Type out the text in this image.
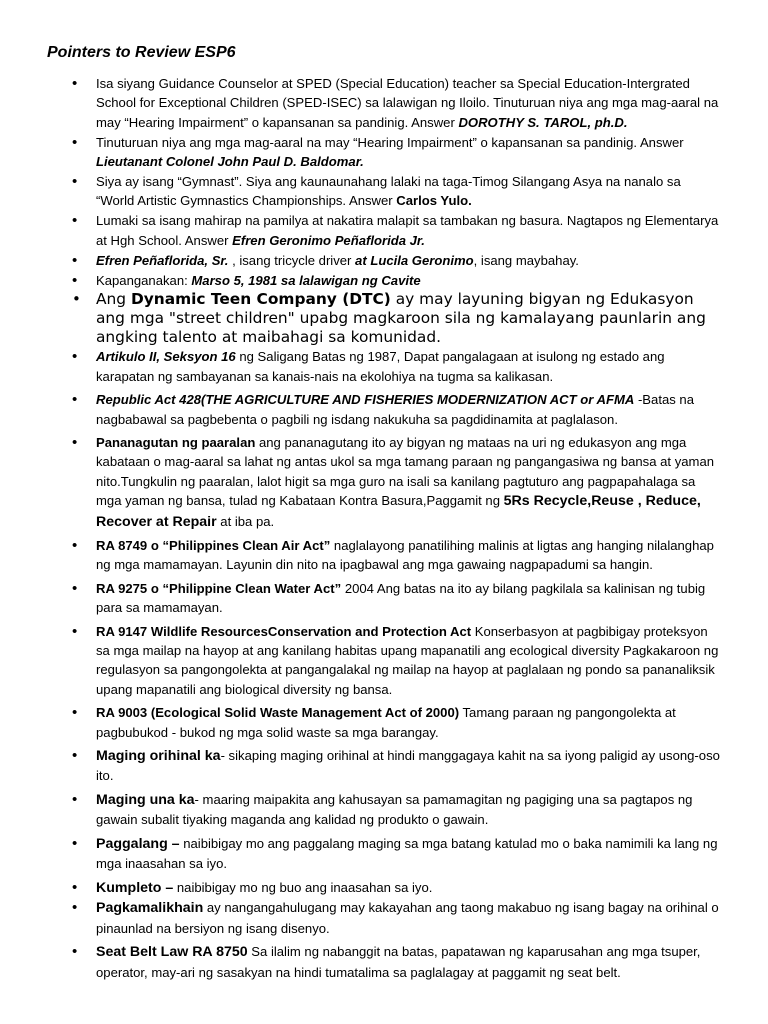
Pointers to Review ESP6
• Isa siyang Guidance Counselor at SPED (Special Education) teacher sa Special Education-Intergrated School for Exceptional Children (SPED-ISEC) sa lalawigan ng Iloilo. Tinuturuan niya ang mga mag-aaral na may “Hearing Impairment” o kapansanan sa pandinig. Answer DOROTHY S. TAROL, ph.D.
• Tinuturuan niya ang mga mag-aaral na may “Hearing Impairment” o kapansanan sa pandinig. Answer Lieutanant Colonel John Paul D. Baldomar.
• Siya ay isang “Gymnast”. Siya ang kaunaunahang lalaki na taga-Timog Silangang Asya na nanalo sa “World Artistic Gymnastics Championships. Answer Carlos Yulo.
• Lumaki sa isang mahirap na pamilya at nakatira malapit sa tambakan ng basura. Nagtapos ng Elementarya at Hgh School. Answer Efren Geronimo Peñaflorida Jr.
• Efren Peñaflorida, Sr. , isang tricycle driver at Lucila Geronimo, isang maybahay.
• Kapanganakan: Marso 5, 1981 sa lalawigan ng Cavite
• Ang Dynamic Teen Company (DTC) ay may layuning bigyan ng Edukasyon ang mga "street children" upabg magkaroon sila ng kamalayang paunlarin ang angking talento at maibahagi sa komunidad.
• Artikulo II, Seksyon 16 ng Saligang Batas ng 1987, Dapat pangalagaan at isulong ng estado ang karapatan ng sambayanan sa kanais-nais na ekolohiya na tugma sa kalikasan.
• Republic Act 428(THE AGRICULTURE AND FISHERIES MODERNIZATION ACT or AFMA -Batas na nagbabawal sa pagbebenta o pagbili ng isdang nakukuha sa pagdidinamita at paglalason.
• Pananagutan ng paaralan ang pananagutang ito ay bigyan ng mataas na uri ng edukasyon ang mga kabataan o mag-aaral sa lahat ng antas ukol sa mga tamang paraan ng pangangasiwa ng bansa at yaman nito.Tungkulin ng paaralan, lalot higit sa mga guro na isali sa kanilang pagtuturo ang pagpapahalaga sa mga yaman ng bansa, tulad ng Kabataan Kontra Basura,Paggamit ng 5Rs Recycle,Reuse , Reduce, Recover at Repair at iba pa.
• RA 8749 o “Philippines Clean Air Act” naglalayong panatilihing malinis at ligtas ang hanging nilalanghap ng mga mamamayan. Layunin din nito na ipagbawal ang mga gawaing nagpapadumi sa hangin.
• RA 9275 o “Philippine Clean Water Act” 2004 Ang batas na ito ay bilang pagkilala sa kalinisan ng tubig para sa mamamayan.
• RA 9147 Wildlife ResourcesConservation and Protection Act Konserbasyon at pagbibigay proteksyon sa mga mailap na hayop at ang kanilang habitas upang mapanatili ang ecological diversity Pagkakaroon ng regulasyon sa pangongolekta at pangangalakal ng mailap na hayop at paglalaan ng pondo sa pananaliksik upang mapanatili ang biological diversity ng bansa.
• RA 9003 (Ecological Solid Waste Management Act of 2000) Tamang paraan ng pangongolekta at pagbubukod - bukod ng mga solid waste sa mga barangay.
• Maging orihinal ka- sikaping maging orihinal at hindi manggagaya kahit na sa iyong paligid ay usong-oso ito.
• Maging una ka- maaring maipakita ang kahusayan sa pamamagitan ng pagiging una sa pagtapos ng gawain subalit tiyaking maganda ang kalidad ng produkto o gawain.
• Paggalang – naibibigay mo ang paggalang maging sa mga batang katulad mo o baka namimili ka lang ng mga inaasahan sa iyo.
• Kumpleto – naibibigay mo ng buo ang inaasahan sa iyo.
• Pagkamalikhain ay nangangahulugang may kakayahan ang taong makabuo ng isang bagay na orihinal o pinaunlad na bersiyon ng isang disenyo.
• Seat Belt Law RA 8750 Sa ilalim ng nabanggit na batas, papatawan ng kaparusahan ang mga tsuper, operator, may-ari ng sasakyan na hindi tumatalima sa paglalagay at paggamit ng seat belt.
